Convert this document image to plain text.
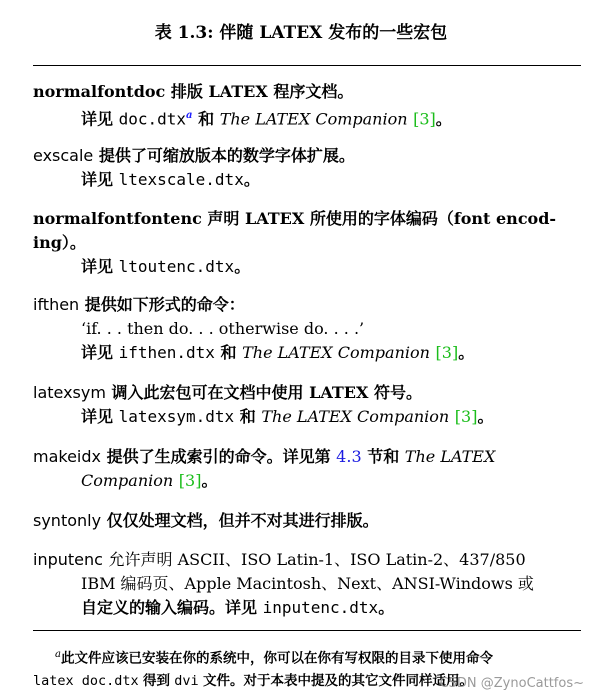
表 1.3: 伴随 LATEX 发布的一些宏包
normalfontdoc 排版 LATEX 程序文档。
详见 doc.dtx$^a$ 和 The LATEX Companion [3]。
exscale 提供了可缩放版本的数学字体扩展。
详见 ltexscale.dtx。
normalfontfontenc 声明 LATEX 所使用的字体编码（font encod-
ing）。
详见 ltoutenc.dtx。
ifthen 提供如下形式的命令：
‘if. . . then do. . . otherwise do. . . .’
详见 ifthen.dtx 和 The LATEX Companion [3]。
latexsym 调入此宏包可在文档中使用 LATEX 符号。
详见 latexsym.dtx 和 The LATEX Companion [3]。
makeidx 提供了生成索引的命令。详见第 4.3 节和 The LATEX
Companion [3]。
syntonly 仅仅处理文档，但并不对其进行排版。
inputenc 允许声明 ASCII、ISO Latin-1、ISO Latin-2、437/850
IBM 编码页、Apple Macintosh、Next、ANSI-Windows 或
自定义的输入编码。详见 inputenc.dtx。
$^a$此文件应该已安装在你的系统中，你可以在你有写权限的目录下使用命令
latex doc.dtx 得到 dvi 文件。对于本表中提及的其它文件同样适用。
CSDN @ZynoCattfos~
